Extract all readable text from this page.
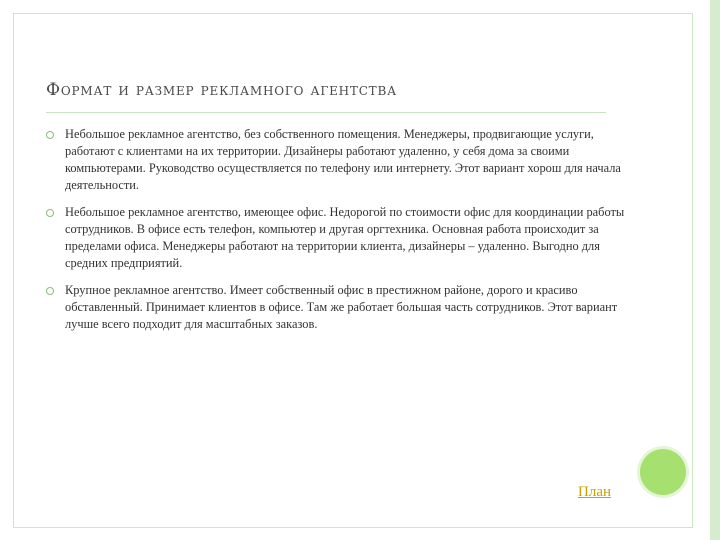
Формат и размер рекламного агентства
Небольшое рекламное агентство, без собственного помещения. Менеджеры, продвигающие услуги, работают с клиентами на их территории. Дизайнеры работают удаленно, у себя дома за своими компьютерами. Руководство осуществляется по телефону или интернету. Этот вариант хорош для начала деятельности.
Небольшое рекламное агентство, имеющее офис. Недорогой по стоимости офис для координации работы сотрудников. В офисе есть телефон, компьютер и другая оргтехника. Основная работа происходит за пределами офиса. Менеджеры работают на территории клиента, дизайнеры – удаленно. Выгодно для средних предприятий.
Крупное рекламное агентство. Имеет собственный офис в престижном районе, дорого и красиво обставленный. Принимает клиентов в офисе. Там же работает большая часть сотрудников. Этот вариант лучше всего подходит для масштабных заказов.
План
